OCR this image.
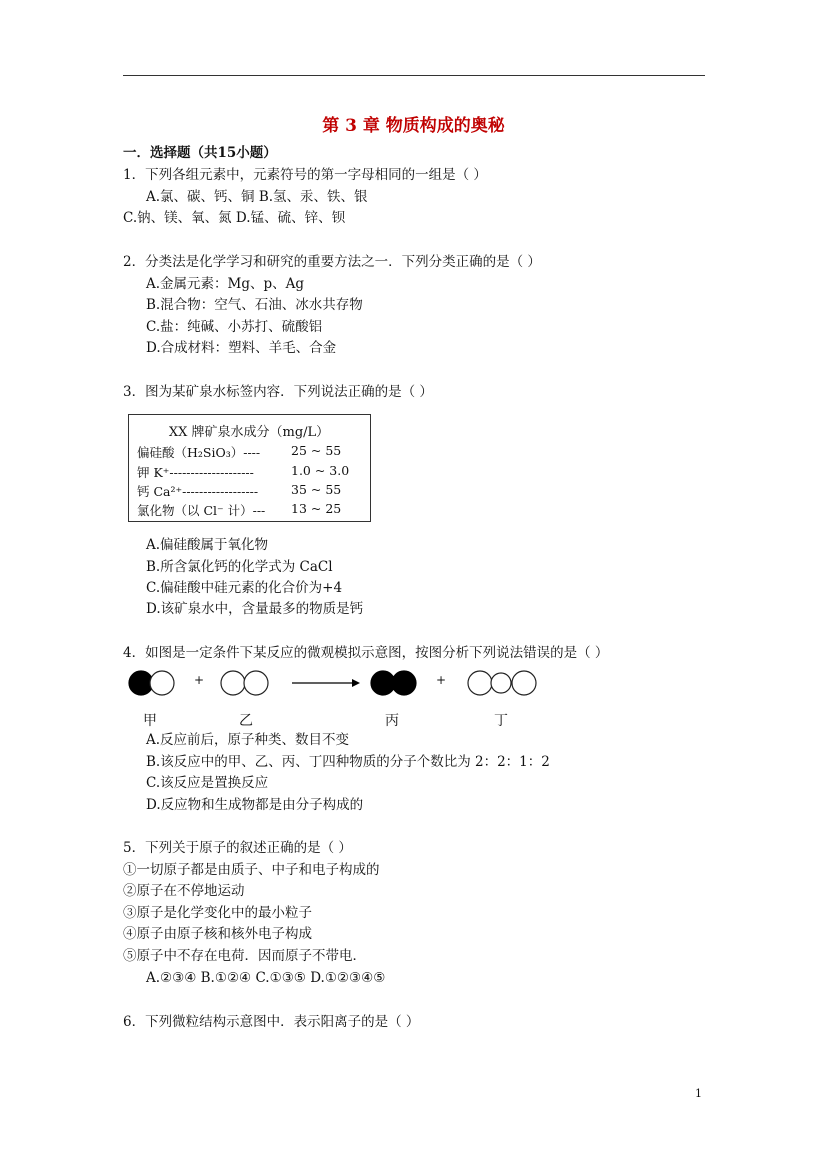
第 3 章 物质构成的奥秘
一．选择题（共15小题）
1．下列各组元素中，元素符号的第一字母相同的一组是（ ）
A.氯、碳、钙、铜 B.氢、汞、铁、银
C.钠、镁、氧、氮 D.锰、硫、锌、钡
2．分类法是化学学习和研究的重要方法之一．下列分类正确的是（ ）
A.金属元素：Mg、p、Ag
B.混合物：空气、石油、冰水共存物
C.盐：纯碱、小苏打、硫酸铝
D.合成材料：塑料、羊毛、合金
3．图为某矿泉水标签内容．下列说法正确的是（ ）
XX 牌矿泉水成分（mg/L）
偏硅酸（H₂SiO₃）---- 25 ~ 55
钾 K⁺--------------------	1.0 ~ 3.0
钙 Ca²⁺------------------	35 ~ 55
氯化物（以 Cl⁻ 计）--- 13 ~ 25
A.偏硅酸属于氧化物
B.所含氯化钙的化学式为 CaCl
C.偏硅酸中硅元素的化合价为+4
D.该矿泉水中，含量最多的物质是钙
4．如图是一定条件下某反应的微观模拟示意图，按图分析下列说法错误的是（ ）
+	+
甲	乙	丙	丁
A.反应前后，原子种类、数目不变
B.该反应中的甲、乙、丙、丁四种物质的分子个数比为 2：2：1：2
C.该反应是置换反应
D.反应物和生成物都是由分子构成的
5．下列关于原子的叙述正确的是（ ）
①一切原子都是由质子、中子和电子构成的
②原子在不停地运动
③原子是化学变化中的最小粒子
④原子由原子核和核外电子构成
⑤原子中不存在电荷．因而原子不带电．
A.②③④ B.①②④ C.①③⑤ D.①②③④⑤
6．下列微粒结构示意图中．表示阳离子的是（ ）
1
